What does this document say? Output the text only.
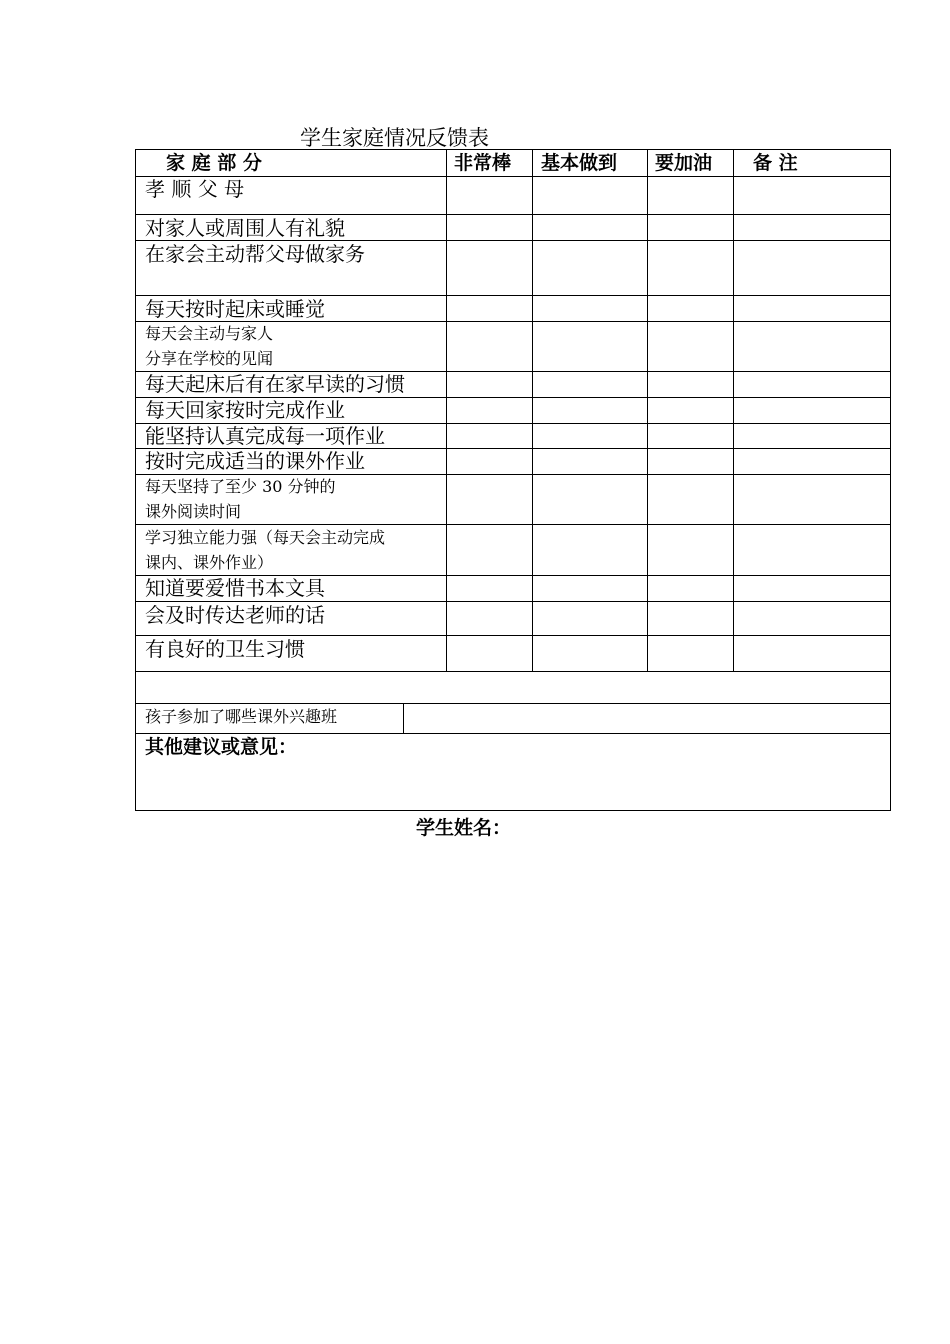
学生家庭情况反馈表
家 庭 部 分	非常棒 基本做到 要加油 备 注
孝 顺 父 母
对家人或周围人有礼貌
在家会主动帮父母做家务
每天按时起床或睡觉
每天会主动与家人
分享在学校的见闻
每天起床后有在家早读的习惯
每天回家按时完成作业
能坚持认真完成每一项作业
按时完成适当的课外作业
每天坚持了至少 30 分钟的
课外阅读时间
学习独立能力强（每天会主动完成
课内、课外作业）
知道要爱惜书本文具
会及时传达老师的话
有良好的卫生习惯
孩子参加了哪些课外兴趣班
其他建议或意见：
学生姓名：
